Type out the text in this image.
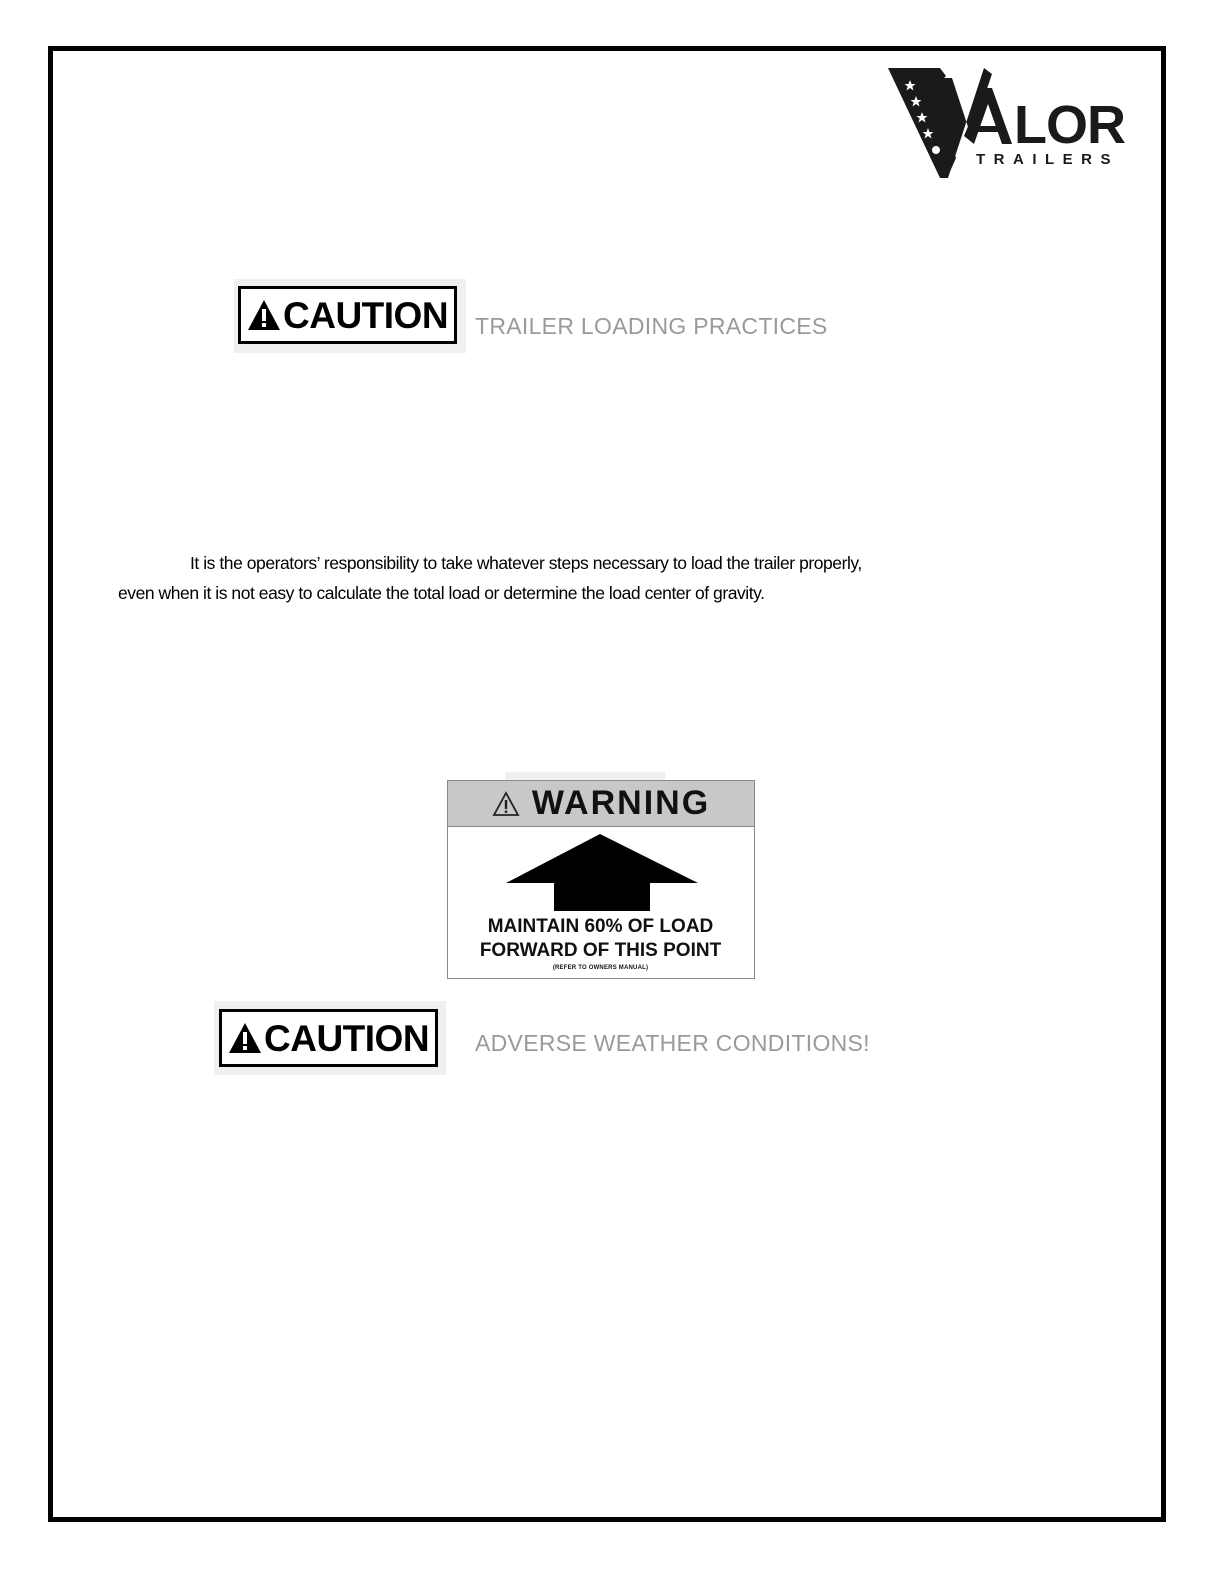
LOR
TRAILERS
CAUTION TRAILER LOADING PRACTICES
It is the operators’ responsibility to take whatever steps necessary to load the trailer properly,
even when it is not easy to calculate the total load or determine the load center of gravity.
WARNING
MAINTAIN 60% OF LOAD
FORWARD OF THIS POINT
(REFER TO OWNERS MANUAL)
CAUTION ADVERSE WEATHER CONDITIONS!
